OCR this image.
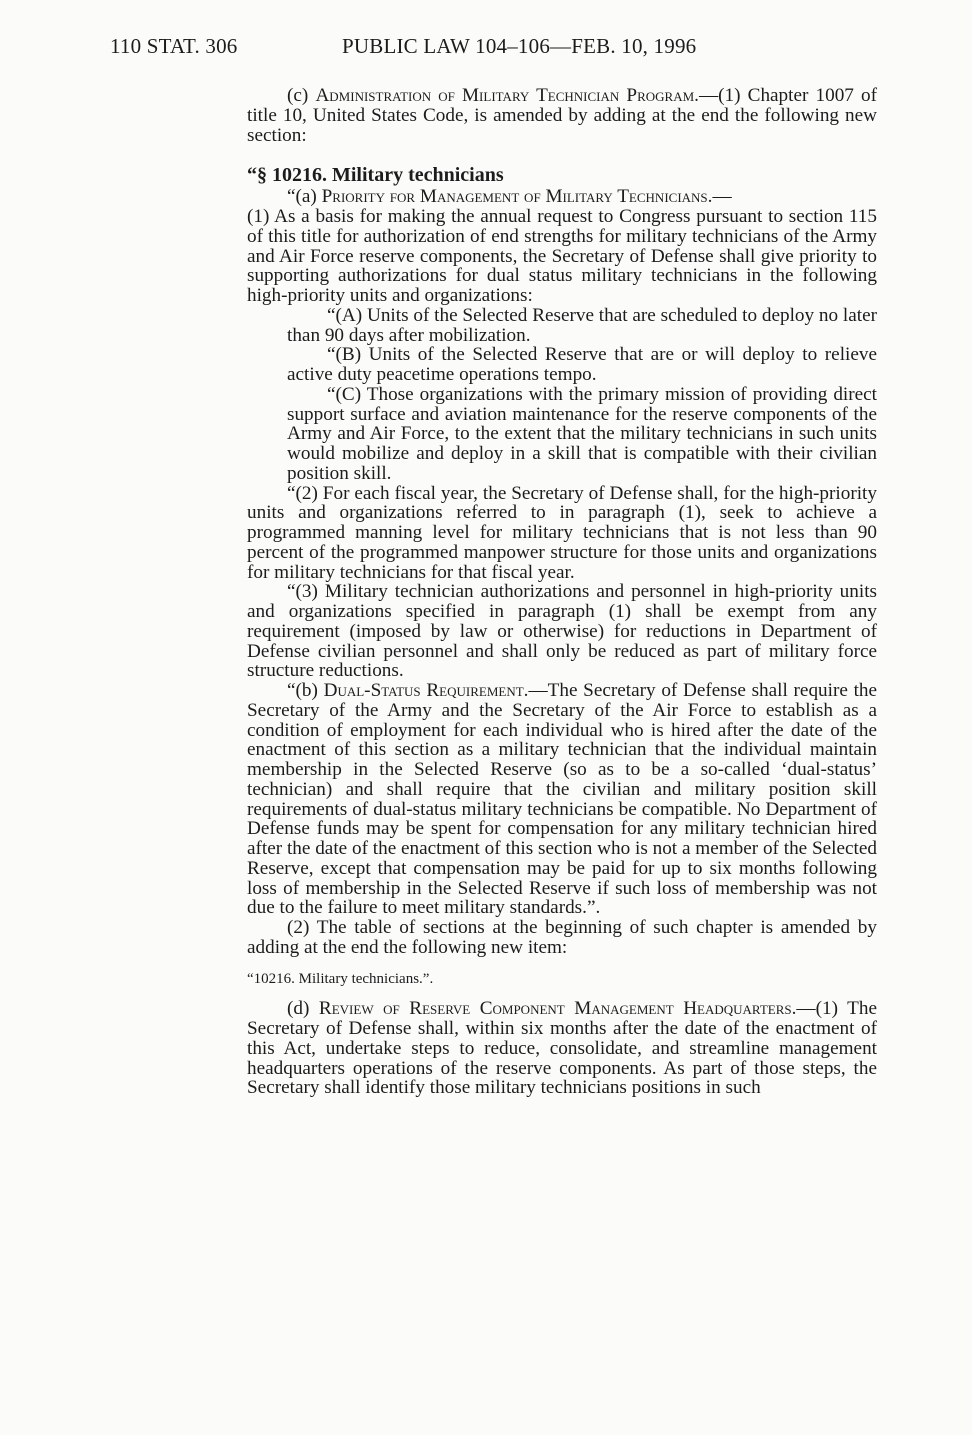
110 STAT. 306	PUBLIC LAW 104–106—FEB. 10, 1996

(c) Administration of Military Technician Program.—(1) Chapter 1007 of title 10, United States Code, is amended by adding at the end the following new section:

“§ 10216. Military technicians

“(a) Priority for Management of Military Technicians.—

(1) As a basis for making the annual request to Congress pursuant to section 115 of this title for authorization of end strengths for military technicians of the Army and Air Force reserve components, the Secretary of Defense shall give priority to supporting authorizations for dual status military technicians in the following high-priority units and organizations:

“(A) Units of the Selected Reserve that are scheduled to deploy no later than 90 days after mobilization.

“(B) Units of the Selected Reserve that are or will deploy to relieve active duty peacetime operations tempo.

“(C) Those organizations with the primary mission of providing direct support surface and aviation maintenance for the reserve components of the Army and Air Force, to the extent that the military technicians in such units would mobilize and deploy in a skill that is compatible with their civilian position skill.

“(2) For each fiscal year, the Secretary of Defense shall, for the high-priority units and organizations referred to in paragraph (1), seek to achieve a programmed manning level for military technicians that is not less than 90 percent of the programmed manpower structure for those units and organizations for military technicians for that fiscal year.

“(3) Military technician authorizations and personnel in high-priority units and organizations specified in paragraph (1) shall be exempt from any requirement (imposed by law or otherwise) for reductions in Department of Defense civilian personnel and shall only be reduced as part of military force structure reductions.

“(b) Dual-Status Requirement.—The Secretary of Defense shall require the Secretary of the Army and the Secretary of the Air Force to establish as a condition of employment for each individual who is hired after the date of the enactment of this section as a military technician that the individual maintain membership in the Selected Reserve (so as to be a so-called ‘dual-status’ technician) and shall require that the civilian and military position skill requirements of dual-status military technicians be compatible. No Department of Defense funds may be spent for compensation for any military technician hired after the date of the enactment of this section who is not a member of the Selected Reserve, except that compensation may be paid for up to six months following loss of membership in the Selected Reserve if such loss of membership was not due to the failure to meet military standards.”.

(2) The table of sections at the beginning of such chapter is amended by adding at the end the following new item:

“10216. Military technicians.”.

(d) Review of Reserve Component Management Headquarters.—(1) The Secretary of Defense shall, within six months after the date of the enactment of this Act, undertake steps to reduce, consolidate, and streamline management headquarters operations of the reserve components. As part of those steps, the Secretary shall identify those military technicians positions in such
